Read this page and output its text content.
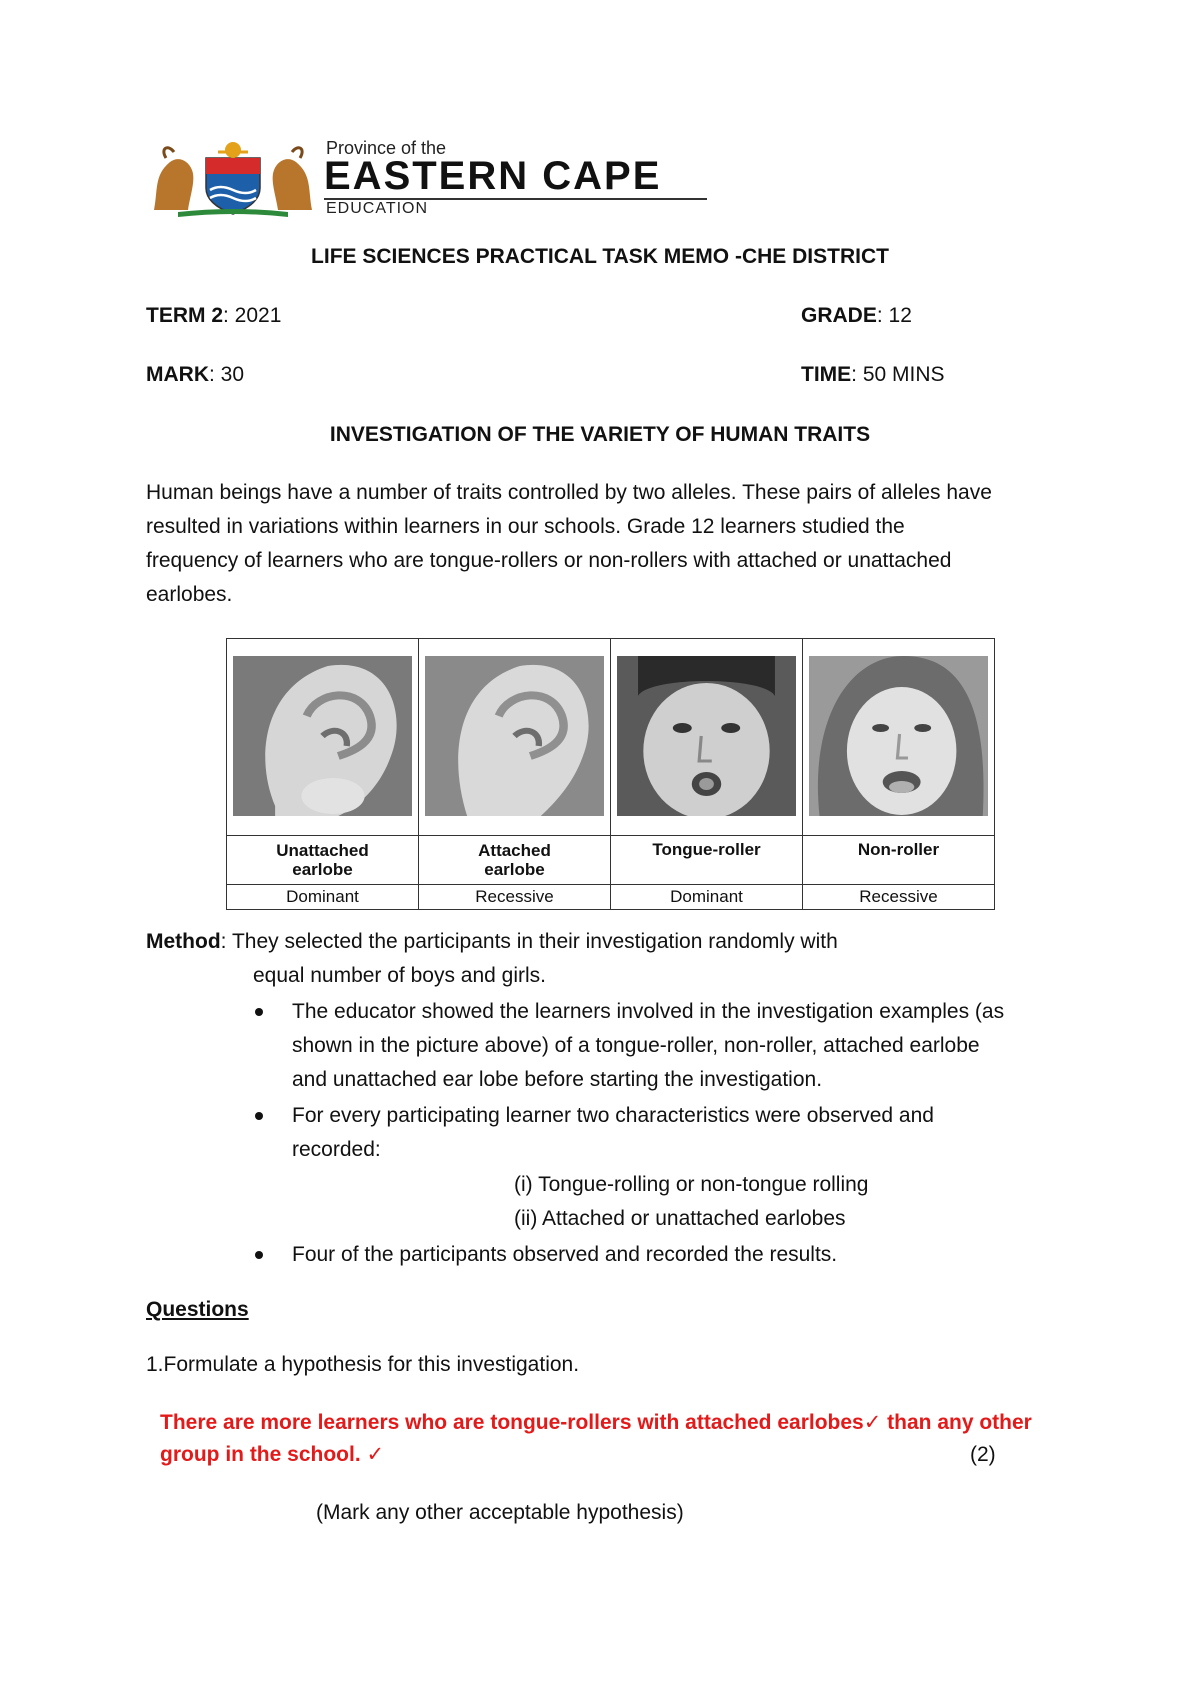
Province of the
EASTERN CAPE
EDUCATION
LIFE SCIENCES PRACTICAL TASK MEMO -CHE DISTRICT
TERM 2: 2021	GRADE: 12
MARK: 30	TIME: 50 MINS
INVESTIGATION OF THE VARIETY OF HUMAN TRAITS
Human beings have a number of traits controlled by two alleles. These pairs of alleles have
resulted in variations within learners in our schools. Grade 12 learners studied the
frequency of learners who are tongue-rollers or non-rollers with attached or unattached
earlobes.

Unattached
earlobe	Attached
earlobe	Tongue-roller	Non-roller
Dominant	Recessive	Dominant	Recessive
Method: They selected the participants in their investigation randomly with
equal number of boys and girls.
The educator showed the learners involved in the investigation examples (as
shown in the picture above) of a tongue-roller, non-roller, attached earlobe
and unattached ear lobe before starting the investigation.
For every participating learner two characteristics were observed and
recorded:
(i) Tongue-rolling or non-tongue rolling
(ii) Attached or unattached earlobes
Four of the participants observed and recorded the results.
Questions
1.Formulate a hypothesis for this investigation.
There are more learners who are tongue-rollers with attached earlobes✓ than any other
group in the school. ✓	(2)
(Mark any other acceptable hypothesis)
